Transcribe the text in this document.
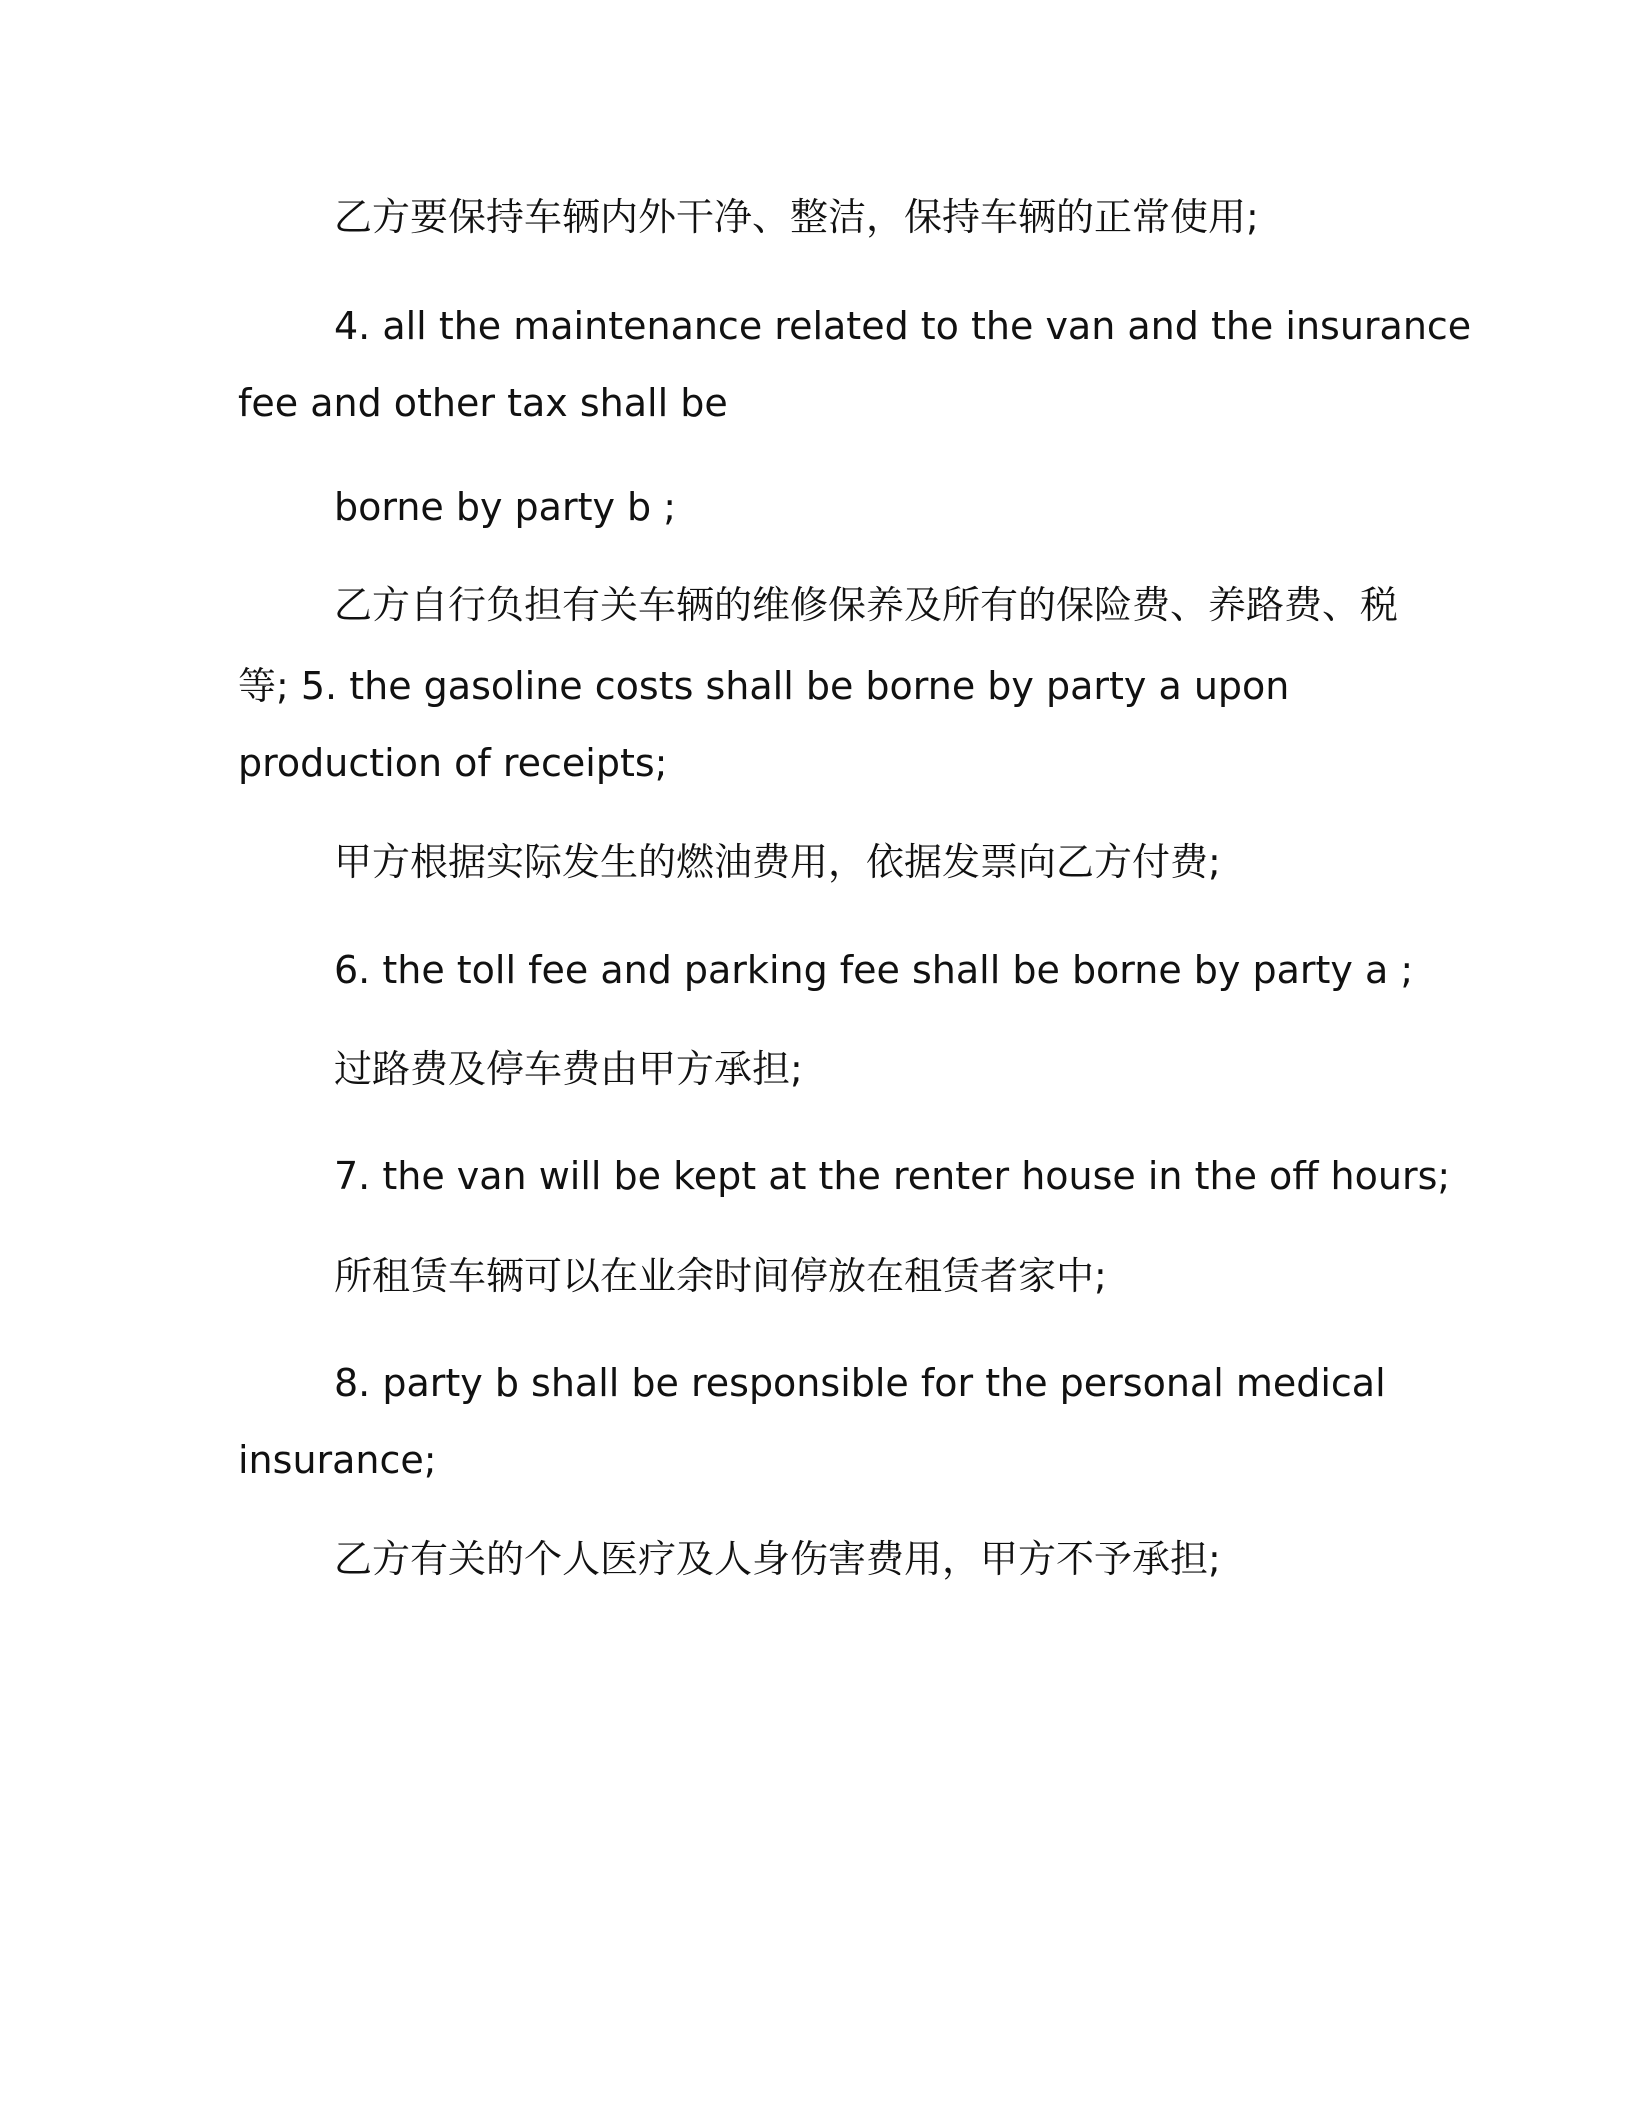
乙方要保持车辆内外干净、整洁，保持车辆的正常使用;
4. all the maintenance related to the van and the insurance
fee and other tax shall be
borne by party b ;
乙方自行负担有关车辆的维修保养及所有的保险费、养路费、税
等; 5. the gasoline costs shall be borne by party a upon
production of receipts;
甲方根据实际发生的燃油费用，依据发票向乙方付费;
6. the toll fee and parking fee shall be borne by party a ;
过路费及停车费由甲方承担;
7. the van will be kept at the renter house in the off hours;
所租赁车辆可以在业余时间停放在租赁者家中;
8. party b shall be responsible for the personal medical
insurance;
乙方有关的个人医疗及人身伤害费用，甲方不予承担;
